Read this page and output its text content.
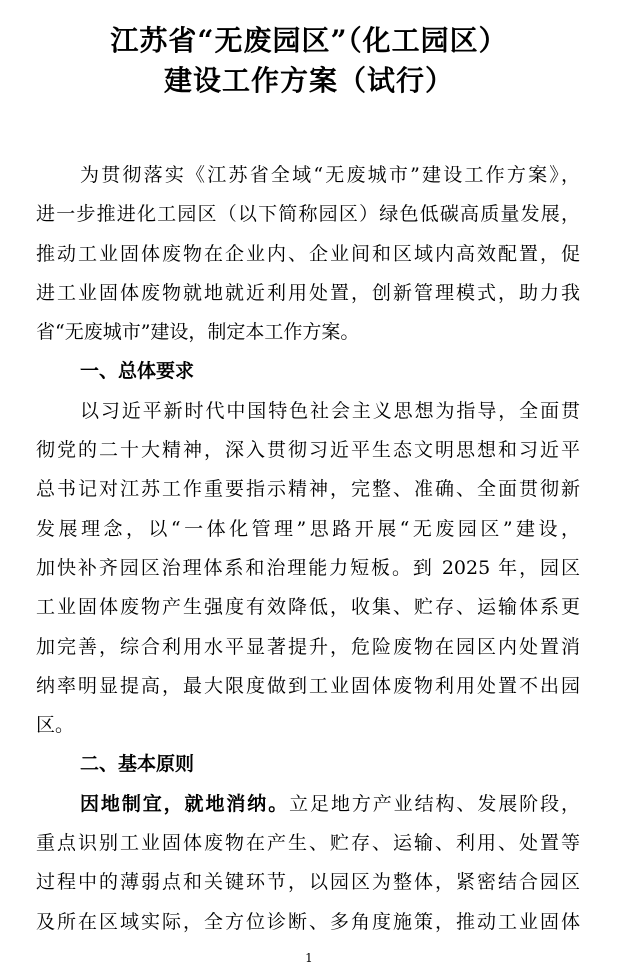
江苏省“无废园区”（化工园区）
建设工作方案（试行）
为贯彻落实《江苏省全域“无废城市”建设工作方案》，
进一步推进化工园区（以下简称园区）绿色低碳高质量发展，
推动工业固体废物在企业内、企业间和区域内高效配置，促
进工业固体废物就地就近利用处置，创新管理模式，助力我
省“无废城市”建设，制定本工作方案。
一、总体要求
以习近平新时代中国特色社会主义思想为指导，全面贯
彻党的二十大精神，深入贯彻习近平生态文明思想和习近平
总书记对江苏工作重要指示精神，完整、准确、全面贯彻新
发展理念，以“一体化管理”思路开展“无废园区”建设，
加快补齐园区治理体系和治理能力短板。到 2025 年，园区
工业固体废物产生强度有效降低，收集、贮存、运输体系更
加完善，综合利用水平显著提升，危险废物在园区内处置消
纳率明显提高，最大限度做到工业固体废物利用处置不出园
区。
二、基本原则
因地制宜，就地消纳。立足地方产业结构、发展阶段，
重点识别工业固体废物在产生、贮存、运输、利用、处置等
过程中的薄弱点和关键环节，以园区为整体，紧密结合园区
及所在区域实际，全方位诊断、多角度施策，推动工业固体
1
